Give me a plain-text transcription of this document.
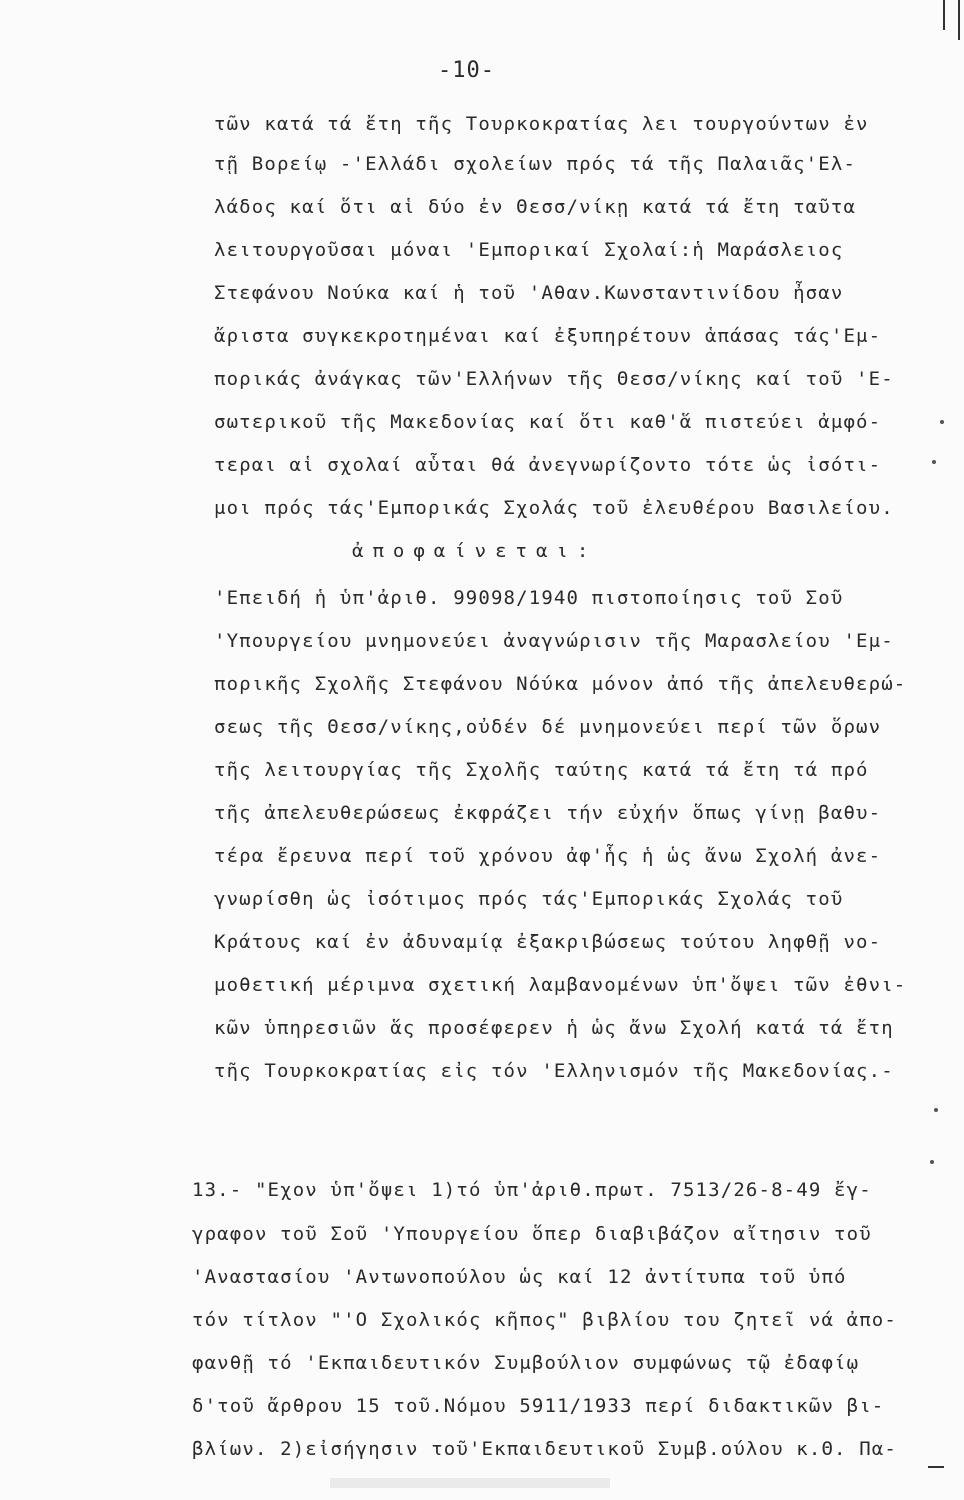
-10-
τῶν κατά τά ἔτη τῆς Τουρκοκρατίας λει τουργούντων ἐν
τῇ Βορείῳ -'Ελλάδι σχολείων πρός τά τῆς Παλαιᾶς'Ελ-
λάδος καί ὅτι αἱ δύο ἐν Θεσσ/νίκῃ κατά τά ἔτη ταῦτα
λειτουργοῦσαι μόναι 'Εμπορικαί Σχολαί:ἡ Μαράσλειος
Στεφάνου Νούκα καί ἡ τοῦ 'Αθαν.Κωνσταντινίδου ἦσαν
ἄριστα συγκεκροτημέναι καί ἐξυπηρέτουν ἁπάσας τάς'Εμ-
πορικάς ἀνάγκας τῶν'Ελλήνων τῆς Θεσσ/νίκης καί τοῦ 'Ε-
σωτερικοῦ τῆς Μακεδονίας καί ὅτι καθ'ἅ πιστεύει ἀμφό-
τεραι αἱ σχολαί αὗται θά ἀνεγνωρίζοντο τότε ὡς ἰσότι-
μοι πρός τάς'Εμπορικάς Σχολάς τοῦ ἐλευθέρου Βασιλείου.
ἀποφαίνεται:
'Επειδή ἡ ὑπ'ἀριθ. 99098/1940 πιστοποίησις τοῦ Σοῦ
'Υπουργείου μνημονεύει ἀναγνώρισιν τῆς Μαρασλείου 'Εμ-
πορικῆς Σχολῆς Στεφάνου Νόύκα μόνον ἀπό τῆς ἀπελευθερώ-
σεως τῆς Θεσσ/νίκης,οὐδέν δέ μνημονεύει περί τῶν ὅρων
τῆς λειτουργίας τῆς Σχολῆς ταύτης κατά τά ἔτη τά πρό
τῆς ἀπελευθερώσεως ἐκφράζει τήν εὐχήν ὅπως γίνῃ βαθυ-
τέρα ἔρευνα περί τοῦ χρόνου ἀφ'ἧς ἡ ὡς ἄνω Σχολή ἀνε-
γνωρίσθη ὡς ἰσότιμος πρός τάς'Εμπορικάς Σχολάς τοῦ
Κράτους καί ἐν ἀδυναμίᾳ ἐξακριβώσεως τούτου ληφθῇ νο-
μοθετική μέριμνα σχετική λαμβανομένων ὑπ'ὄψει τῶν ἐθνι-
κῶν ὑπηρεσιῶν ἅς προσέφερεν ἡ ὡς ἄνω Σχολή κατά τά ἔτη
τῆς Τουρκοκρατίας εἰς τόν 'Ελληνισμόν τῆς Μακεδονίας.-
13.- "Εχον ὑπ'ὄψει 1)τό ὑπ'ἀριθ.πρωτ. 7513/26-8-49 ἔγ-
γραφον τοῦ Σοῦ 'Υπουργείου ὅπερ διαβιβάζον αἴτησιν τοῦ
'Αναστασίου 'Αντωνοπούλου ὡς καί 12 ἀντίτυπα τοῦ ὑπό
τόν τίτλον "'Ο Σχολικός κῆπος" βιβλίου του ζητεῖ νά ἀπο-
φανθῇ τό 'Εκπαιδευτικόν Συμβούλιον συμφώνως τῷ ἐδαφίῳ
δ'τοῦ ἄρθρου 15 τοῦ.Νόμου 5911/1933 περί διδακτικῶν βι-
βλίων. 2)εἰσήγησιν τοῦ'Εκπαιδευτικοῦ Συμβ.ούλου κ.Θ. Πα-
